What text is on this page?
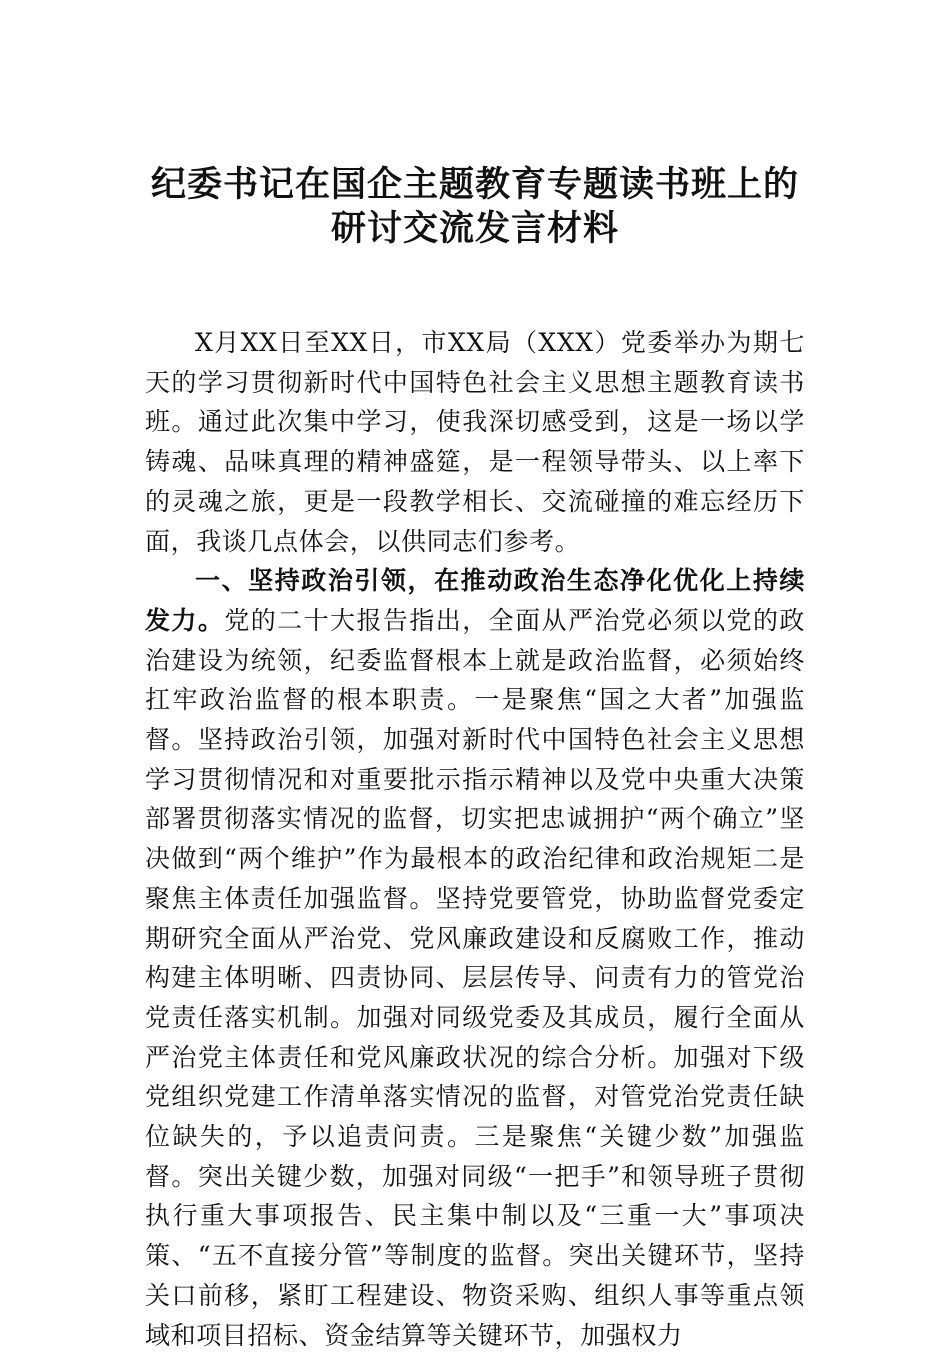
纪委书记在国企主题教育专题读书班上的
研讨交流发言材料

X月XX日至XX日，市XX局（XXX）党委举办为期七天的学习贯彻新时代中国特色社会主义思想主题教育读书班。通过此次集中学习，使我深切感受到，这是一场以学铸魂、品味真理的精神盛筵，是一程领导带头、以上率下的灵魂之旅，更是一段教学相长、交流碰撞的难忘经历下面，我谈几点体会，以供同志们参考。

一、坚持政治引领，在推动政治生态净化优化上持续发力。党的二十大报告指出，全面从严治党必须以党的政治建设为统领，纪委监督根本上就是政治监督，必须始终扛牢政治监督的根本职责。一是聚焦“国之大者”加强监督。坚持政治引领，加强对新时代中国特色社会主义思想学习贯彻情况和对重要批示指示精神以及党中央重大决策部署贯彻落实情况的监督，切实把忠诚拥护“两个确立”坚决做到“两个维护”作为最根本的政治纪律和政治规矩二是聚焦主体责任加强监督。坚持党要管党，协助监督党委定期研究全面从严治党、党风廉政建设和反腐败工作，推动构建主体明晰、四责协同、层层传导、问责有力的管党治党责任落实机制。加强对同级党委及其成员，履行全面从严治党主体责任和党风廉政状况的综合分析。加强对下级党组织党建工作清单落实情况的监督，对管党治党责任缺位缺失的，予以追责问责。三是聚焦“关键少数”加强监督。突出关键少数，加强对同级“一把手”和领导班子贯彻执行重大事项报告、民主集中制以及“三重一大”事项决策、“五不直接分管”等制度的监督。突出关键环节，坚持关口前移，紧盯工程建设、物资采购、组织人事等重点领域和项目招标、资金结算等关键环节，加强权力
